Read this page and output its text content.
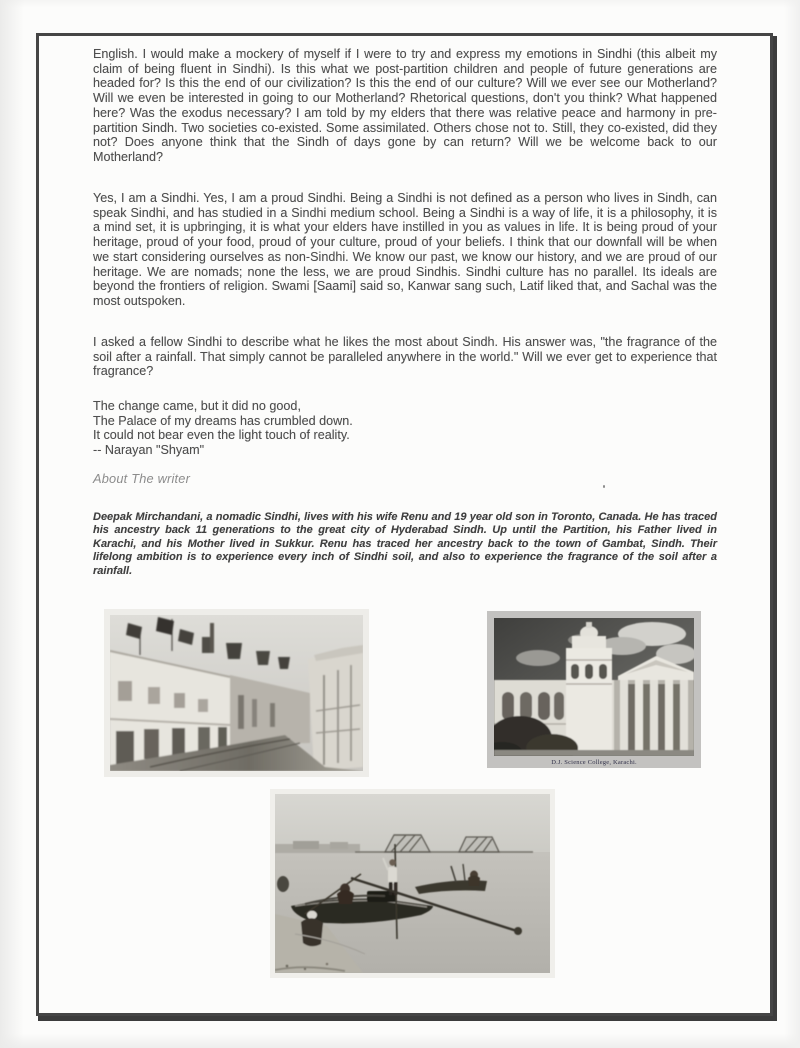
English. I would make a mockery of myself if I were to try and express my emotions in Sindhi (this albeit my claim of being fluent in Sindhi). Is this what we post-partition children and people of future generations are headed for? Is this the end of our civilization? Is this the end of our culture? Will we ever see our Motherland? Will we even be interested in going to our Motherland? Rhetorical questions, don't you think? What happened here? Was the exodus necessary? I am told by my elders that there was relative peace and harmony in pre-partition Sindh. Two societies co-existed. Some assimilated. Others chose not to. Still, they co-existed, did they not? Does anyone think that the Sindh of days gone by can return? Will we be welcome back to our Motherland?

Yes, I am a Sindhi. Yes, I am a proud Sindhi. Being a Sindhi is not defined as a person who lives in Sindh, can speak Sindhi, and has studied in a Sindhi medium school. Being a Sindhi is a way of life, it is a philosophy, it is a mind set, it is upbringing, it is what your elders have instilled in you as values in life. It is being proud of your heritage, proud of your food, proud of your culture, proud of your beliefs. I think that our downfall will be when we start considering ourselves as non-Sindhi. We know our past, we know our history, and we are proud of our heritage. We are nomads; none the less, we are proud Sindhis. Sindhi culture has no parallel. Its ideals are beyond the frontiers of religion. Swami [Saami] said so, Kanwar sang such, Latif liked that, and Sachal was the most outspoken.

I asked a fellow Sindhi to describe what he likes the most about Sindh. His answer was, "the fragrance of the soil after a rainfall. That simply cannot be paralleled anywhere in the world." Will we ever get to experience that fragrance?

The change came, but it did no good,
The Palace of my dreams has crumbled down.
It could not bear even the light touch of reality.
-- Narayan "Shyam"

About The writer

Deepak Mirchandani, a nomadic Sindhi, lives with his wife Renu and 19 year old son in Toronto, Canada. He has traced his ancestry back 11 generations to the great city of Hyderabad Sindh. Up until the Partition, his Father lived in Karachi, and his Mother lived in Sukkur. Renu has traced her ancestry back to the town of Gambat, Sindh. Their lifelong ambition is to experience every inch of Sindhi soil, and also to experience the fragrance of the soil after a rainfall.

D.J. Science College, Karachi.
